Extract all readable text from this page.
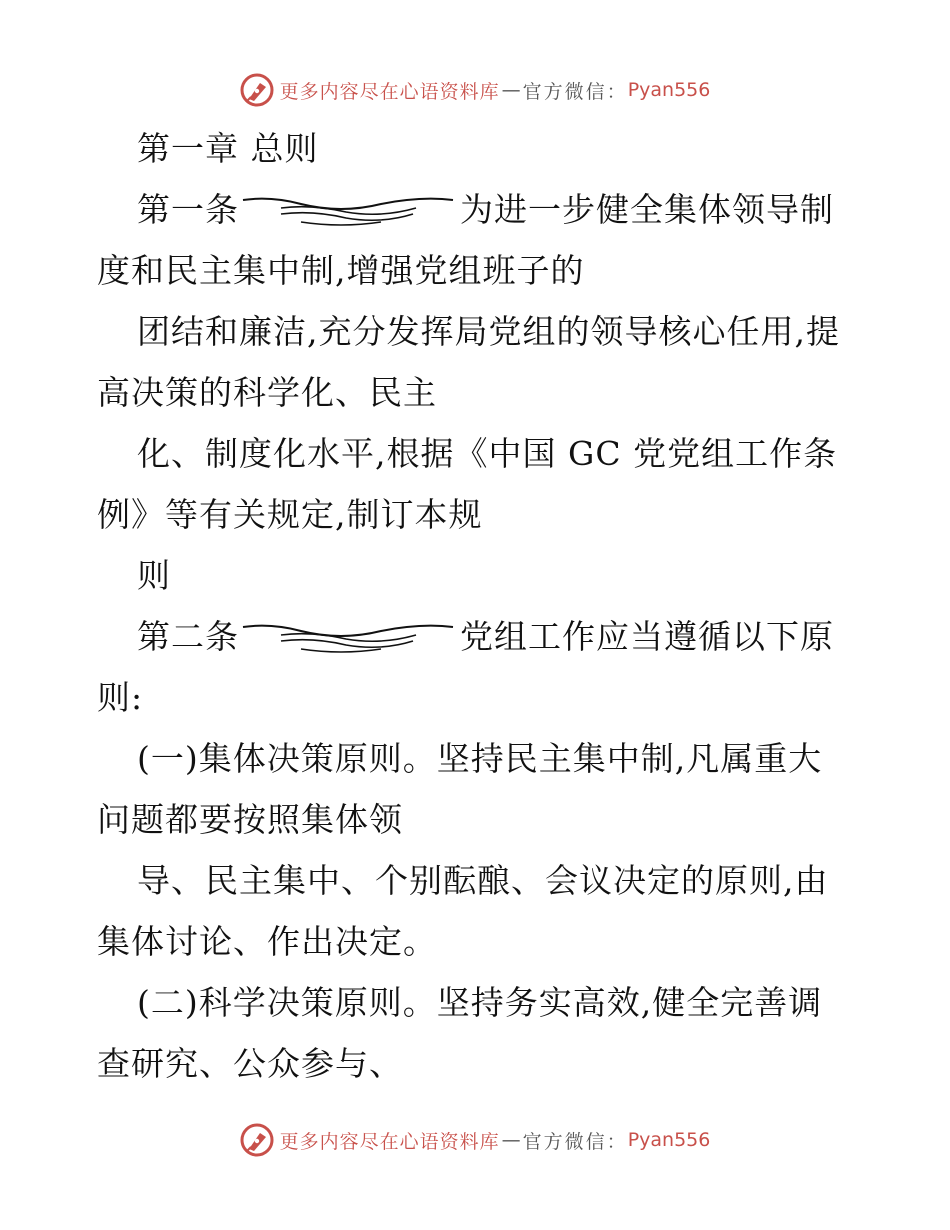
更多内容尽在心语资料库 — 官方微信： Pyan556
第一章 总则
第一条	为进一步健全集体领导制
度和民主集中制,增强党组班子的
团结和廉洁,充分发挥局党组的领导核心任用,提
高决策的科学化、民主
化、制度化水平,根据《中国 GC 党党组工作条
例》等有关规定,制订本规
则
第二条	党组工作应当遵循以下原
则:
(一)集体决策原则。坚持民主集中制,凡属重大
问题都要按照集体领
导、民主集中、个别酝酿、会议决定的原则,由
集体讨论、作出决定。
(二)科学决策原则。坚持务实高效,健全完善调
查研究、公众参与、
更多内容尽在心语资料库 — 官方微信： Pyan556
